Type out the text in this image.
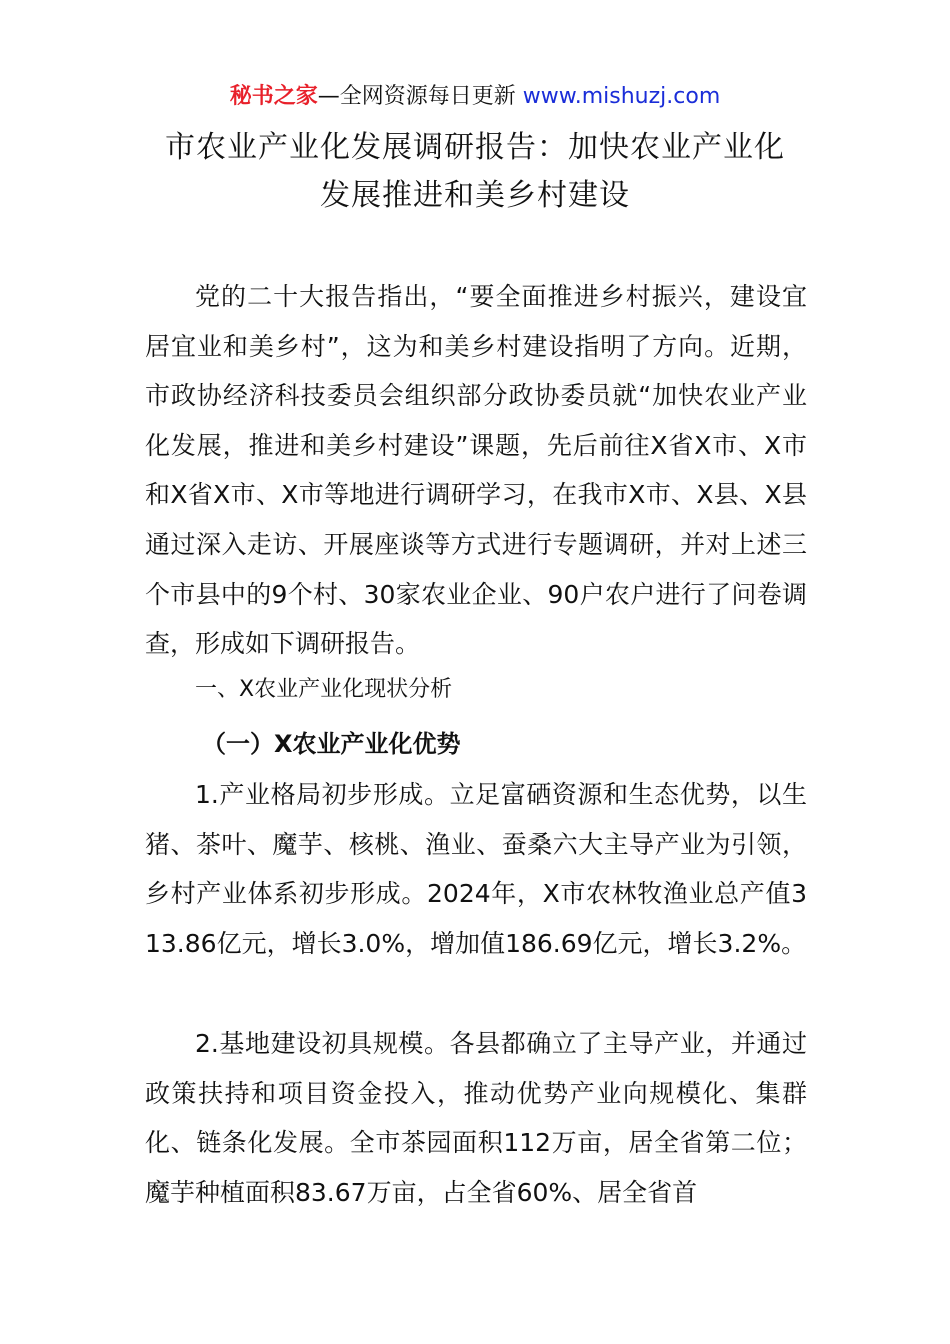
秘书之家—全网资源每日更新 www.mishuzj.com
市农业产业化发展调研报告：加快农业产业化
发展推进和美乡村建设
党的二十大报告指出，“要全面推进乡村振兴，建设宜居宜业和美乡村”，这为和美乡村建设指明了方向。近期，市政协经济科技委员会组织部分政协委员就“加快农业产业化发展，推进和美乡村建设”课题，先后前往X省X市、X市和X省X市、X市等地进行调研学习，在我市X市、X县、X县通过深入走访、开展座谈等方式进行专题调研，并对上述三个市县中的9个村、30家农业企业、90户农户进行了问卷调查，形成如下调研报告。
一、X农业产业化现状分析
（一）X农业产业化优势
1.产业格局初步形成。立足富硒资源和生态优势，以生猪、茶叶、魔芋、核桃、渔业、蚕桑六大主导产业为引领，乡村产业体系初步形成。2024年，X市农林牧渔业总产值313.86亿元，增长3.0%，增加值186.69亿元，增长3.2%。
2.基地建设初具规模。各县都确立了主导产业，并通过政策扶持和项目资金投入，推动优势产业向规模化、集群化、链条化发展。全市茶园面积112万亩，居全省第二位；魔芋种植面积83.67万亩，占全省60%、居全省首
